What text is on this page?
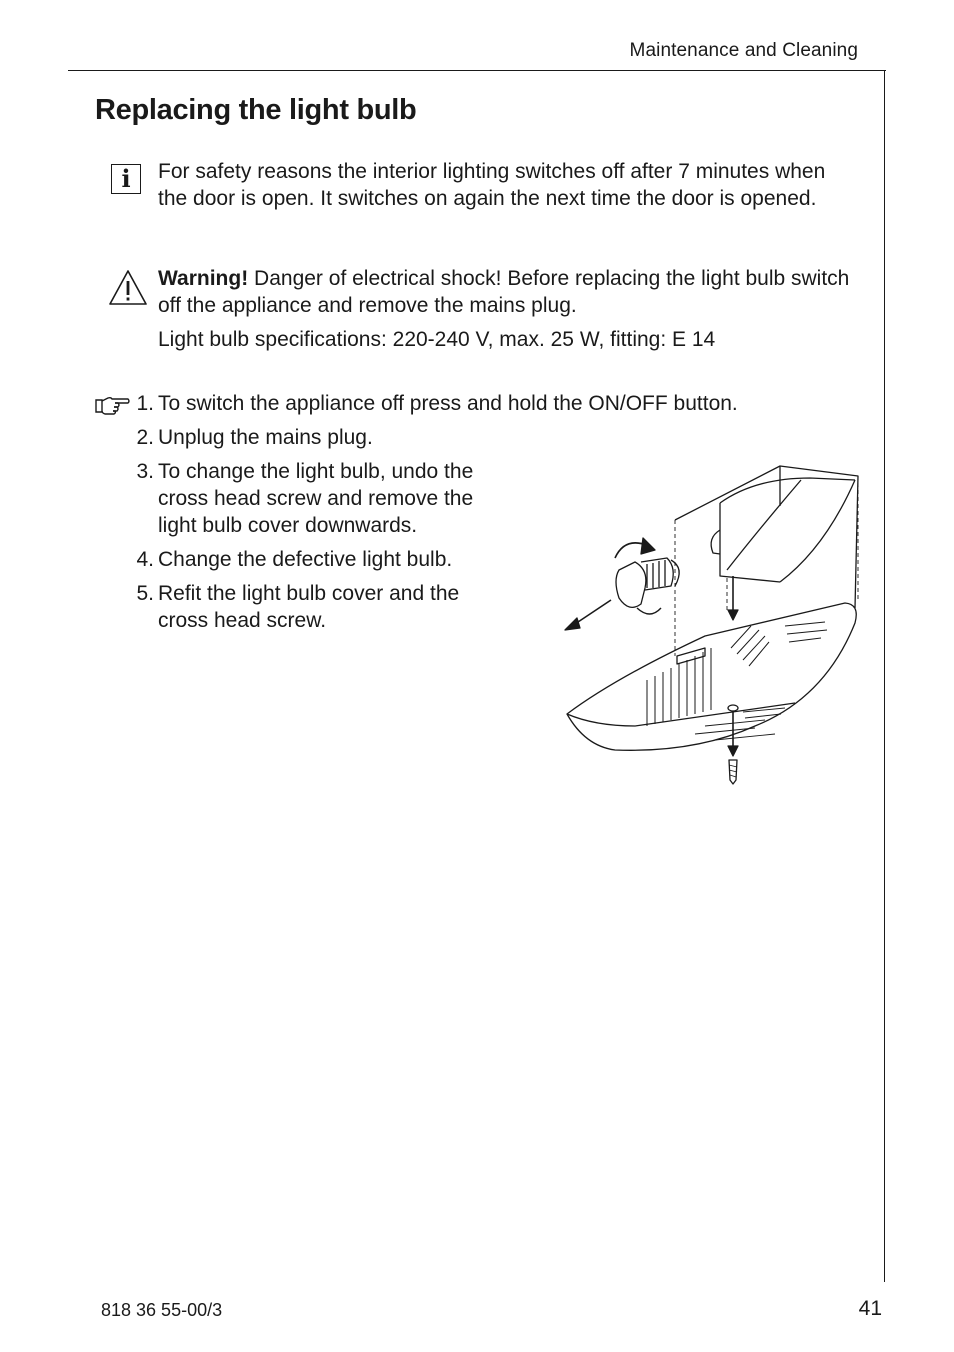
Maintenance and Cleaning
Replacing the light bulb
i	For safety reasons the interior lighting switches off after 7 minutes when the door is open. It switches on again the next time the door is opened.

Warning! Danger of electrical shock! Before replacing the light bulb switch off the appliance and remove the mains plug.

Light bulb specifications: 220-240 V, max. 25 W, fitting: E 14

1. To switch the appliance off press and hold the ON/OFF button.
2. Unplug the mains plug.
3. To change the light bulb, undo the cross head screw and remove the light bulb cover downwards.
4. Change the defective light bulb.
5. Refit the light bulb cover and the cross head screw.
818 36 55-00/3	41
